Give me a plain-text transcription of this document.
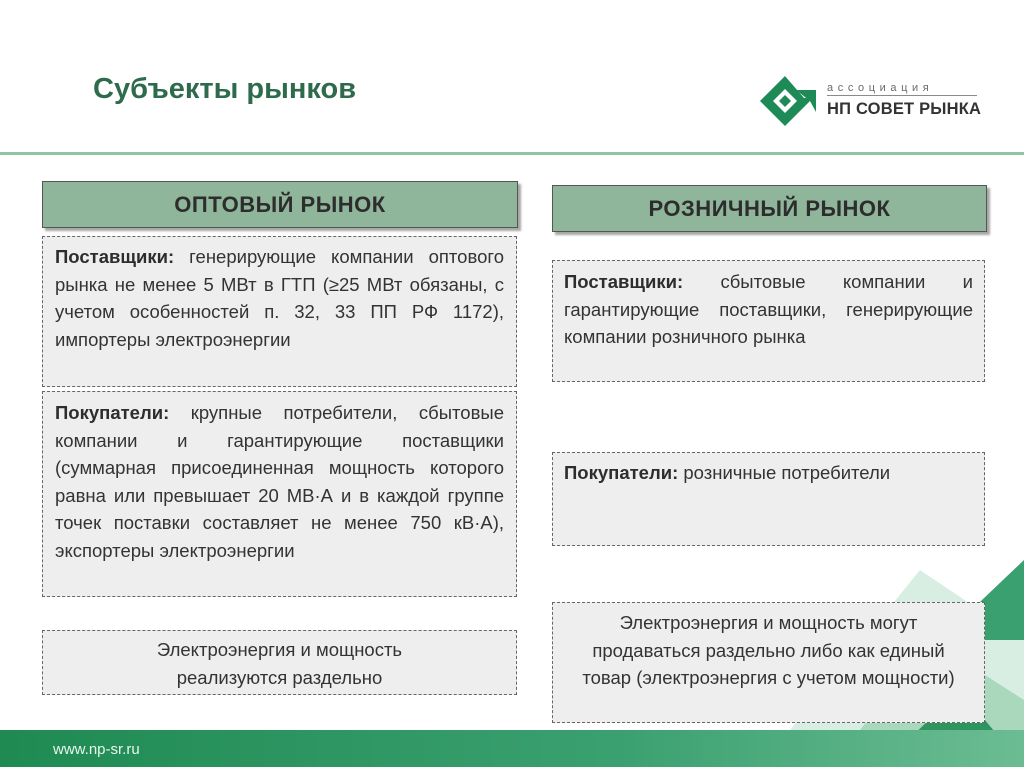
Субъекты рынков	ассоциация
НП СОВЕТ РЫНКА
ОПТОВЫЙ РЫНОК
Поставщики: генерирующие компании оптового рынка не менее 5 МВт в ГТП (≥25 МВт обязаны, с учетом особенностей п. 32, 33 ПП РФ 1172), импортеры электроэнергии
Покупатели: крупные потребители, сбытовые компании и гарантирующие поставщики (суммарная присоединенная мощность которого равна или превышает 20 МВ·А и в каждой группе точек поставки составляет не менее 750 кВ·А), экспортеры электроэнергии
Электроэнергия и мощность
реализуются раздельно
РОЗНИЧНЫЙ РЫНОК
Поставщики: сбытовые компании и гарантирующие поставщики, генерирующие компании розничного рынка
Покупатели: розничные потребители
Электроэнергия и мощность могут продаваться раздельно либо как единый товар (электроэнергия с учетом мощности)
www.np-sr.ru
